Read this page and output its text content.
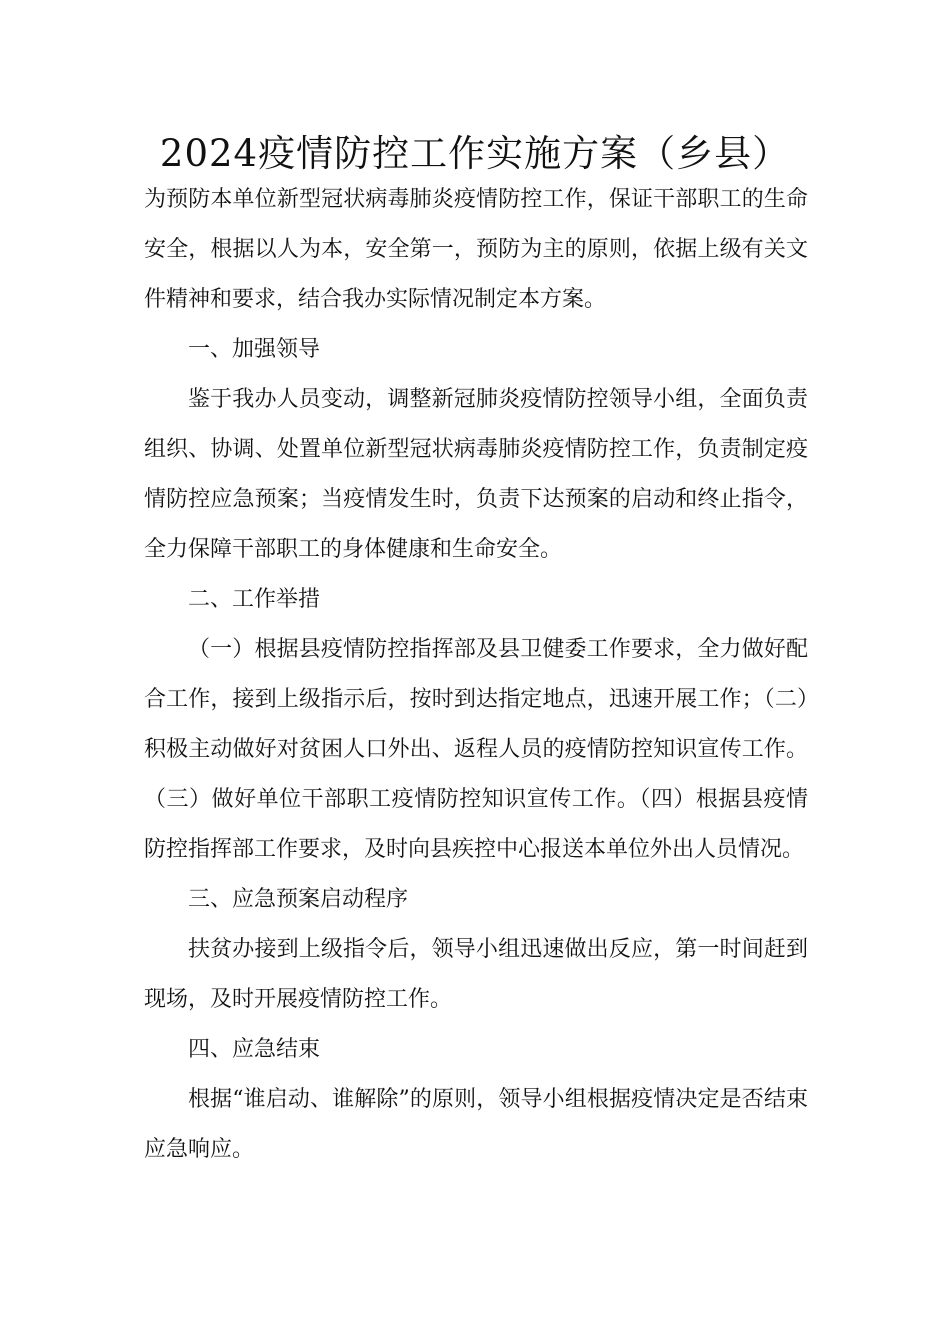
2024疫情防控工作实施方案（乡县）

为预防本单位新型冠状病毒肺炎疫情防控工作，保证干部职工的生命安全，根据以人为本，安全第一，预防为主的原则，依据上级有关文件精神和要求，结合我办实际情况制定本方案。

一、加强领导

鉴于我办人员变动，调整新冠肺炎疫情防控领导小组，全面负责组织、协调、处置单位新型冠状病毒肺炎疫情防控工作，负责制定疫情防控应急预案；当疫情发生时，负责下达预案的启动和终止指令，全力保障干部职工的身体健康和生命安全。

二、工作举措

（一）根据县疫情防控指挥部及县卫健委工作要求，全力做好配合工作，接到上级指示后，按时到达指定地点，迅速开展工作；（二）积极主动做好对贫困人口外出、返程人员的疫情防控知识宣传工作。（三）做好单位干部职工疫情防控知识宣传工作。（四）根据县疫情防控指挥部工作要求，及时向县疾控中心报送本单位外出人员情况。

三、应急预案启动程序

扶贫办接到上级指令后，领导小组迅速做出反应，第一时间赶到现场，及时开展疫情防控工作。

四、应急结束

根据“谁启动、谁解除”的原则，领导小组根据疫情决定是否结束应急响应。
